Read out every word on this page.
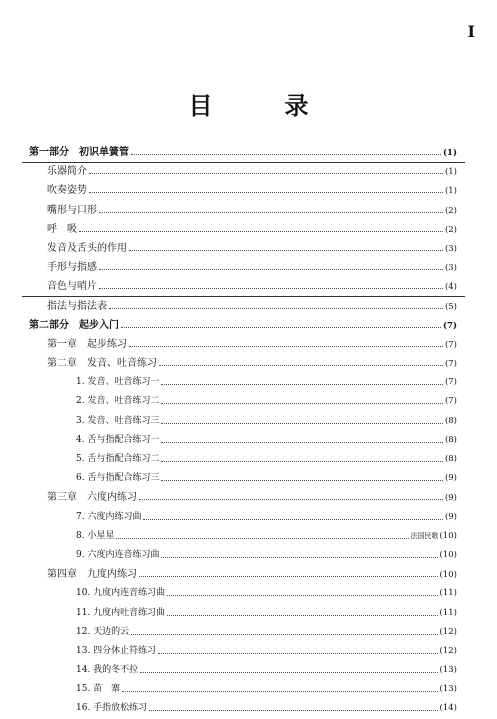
I
目录
第一部分　初识单簧管	(1)
乐器简介	(1)
吹奏姿势	(1)
嘴形与口形	(2)
呼　吸	(2)
发音及舌头的作用	(3)
手形与指感	(3)
音色与哨片	(4)
指法与指法表	(5)
第二部分　起步入门	(7)
第一章　起步练习	(7)
第二章　发音、吐音练习	(7)
1. 发音、吐音练习一	(7)
2. 发音、吐音练习二	(7)
3. 发音、吐音练习三	(8)
4. 舌与指配合练习一	(8)
5. 舌与指配合练习二	(8)
6. 舌与指配合练习三	(9)
第三章　六度内练习	(9)
7. 六度内练习曲	(9)
8. 小星星	法国民歌 (10)
9. 六度内连音练习曲	(10)
第四章　九度内练习	(10)
10. 九度内连音练习曲	(11)
11. 九度内吐音练习曲	(11)
12. 天边的云	(12)
13. 四分休止符练习	(12)
14. 我的冬不拉	(13)
15. 苗　寨	(13)
16. 手指放松练习	(14)
